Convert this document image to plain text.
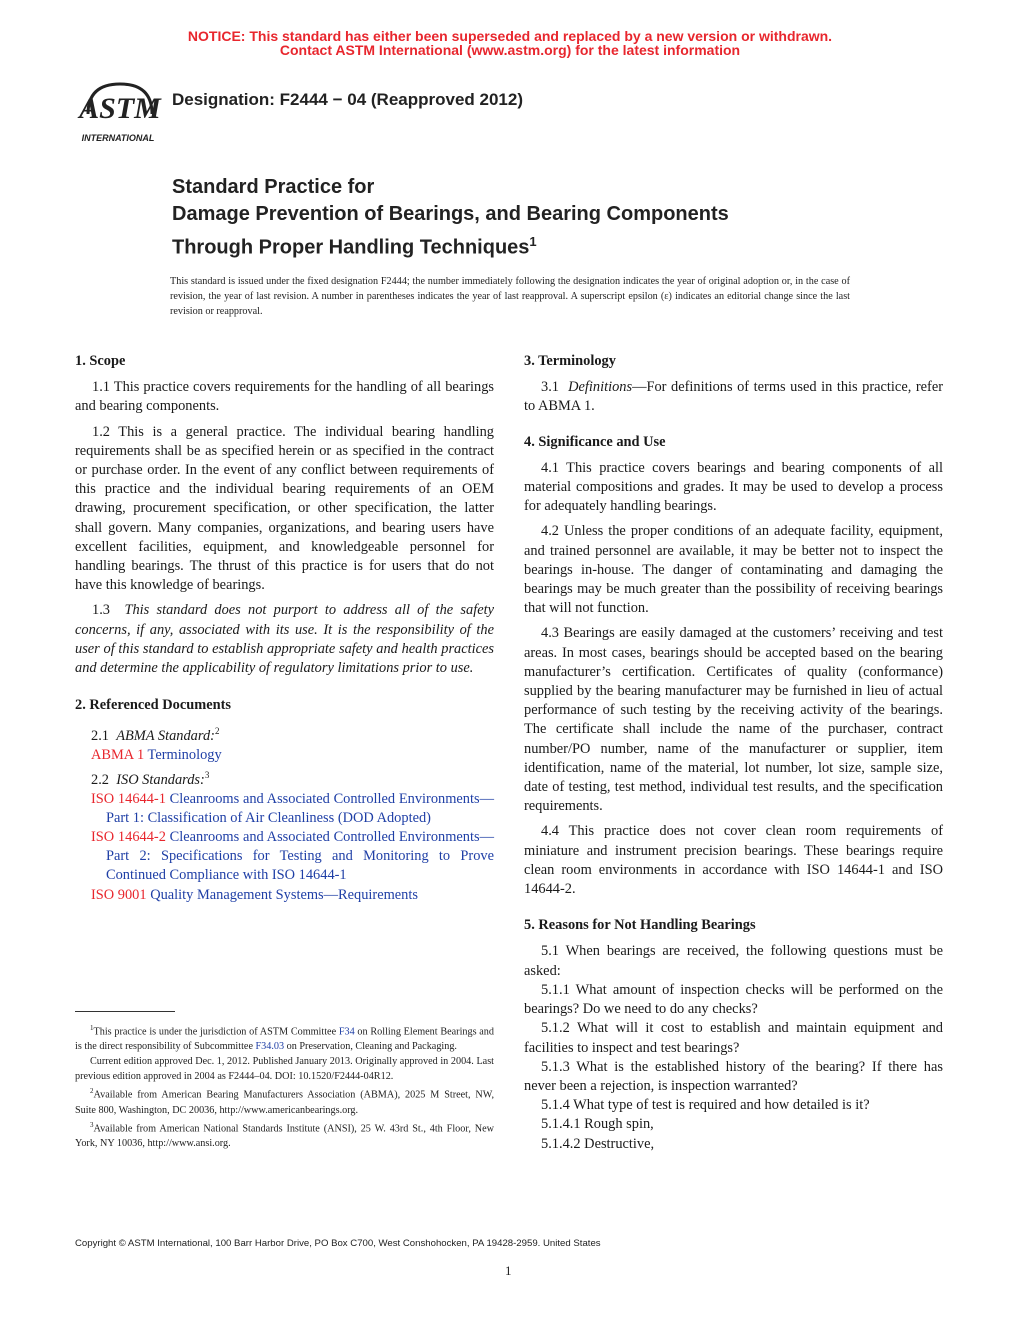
NOTICE: This standard has either been superseded and replaced by a new version or withdrawn.
Contact ASTM International (www.astm.org) for the latest information
ASTM
INTERNATIONAL
Designation: F2444 − 04 (Reapproved 2012)
Standard Practice for
Damage Prevention of Bearings, and Bearing Components
Through Proper Handling Techniques$^1$
This standard is issued under the fixed designation F2444; the number immediately following the designation indicates the year of original adoption or, in the case of revision, the year of last revision. A number in parentheses indicates the year of last reapproval. A superscript epsilon (ε) indicates an editorial change since the last revision or reapproval.

1. Scope

1.1 This practice covers requirements for the handling of all bearings and bearing components.

1.2 This is a general practice. The individual bearing handling requirements shall be as specified herein or as specified in the contract or purchase order. In the event of any conflict between requirements of this practice and the individual bearing requirements of an OEM drawing, procurement specification, or other specification, the latter shall govern. Many companies, organizations, and bearing users have excellent facilities, equipment, and knowledgeable personnel for handling bearings. The thrust of this practice is for users that do not have this knowledge of bearings.

1.3 This standard does not purport to address all of the safety concerns, if any, associated with its use. It is the responsibility of the user of this standard to establish appropriate safety and health practices and determine the applicability of regulatory limitations prior to use.

2. Referenced Documents

2.1 ABMA Standard:$^2$

ABMA 1 Terminology

2.2 ISO Standards:$^3$

ISO 14644-1 Cleanrooms and Associated Controlled Environments—Part 1: Classification of Air Cleanliness (DOD Adopted)

ISO 14644-2 Cleanrooms and Associated Controlled Environments—Part 2: Specifications for Testing and Monitoring to Prove Continued Compliance with ISO 14644-1

ISO 9001 Quality Management Systems—Requirements

$^1$This practice is under the jurisdiction of ASTM Committee F34 on Rolling Element Bearings and is the direct responsibility of Subcommittee F34.03 on Preservation, Cleaning and Packaging.

Current edition approved Dec. 1, 2012. Published January 2013. Originally approved in 2004. Last previous edition approved in 2004 as F2444–04. DOI: 10.1520/F2444-04R12.

$^2$Available from American Bearing Manufacturers Association (ABMA), 2025 M Street, NW, Suite 800, Washington, DC 20036, http://www.americanbearings.org.

$^3$Available from American National Standards Institute (ANSI), 25 W. 43rd St., 4th Floor, New York, NY 10036, http://www.ansi.org.

3. Terminology

3.1 Definitions—For definitions of terms used in this practice, refer to ABMA 1.

4. Significance and Use

4.1 This practice covers bearings and bearing components of all material compositions and grades. It may be used to develop a process for adequately handling bearings.

4.2 Unless the proper conditions of an adequate facility, equipment, and trained personnel are available, it may be better not to inspect the bearings in-house. The danger of contaminating and damaging the bearings may be much greater than the possibility of receiving bearings that will not function.

4.3 Bearings are easily damaged at the customers’ receiving and test areas. In most cases, bearings should be accepted based on the bearing manufacturer’s certification. Certificates of quality (conformance) supplied by the bearing manufacturer may be furnished in lieu of actual performance of such testing by the receiving activity of the bearings. The certificate shall include the name of the purchaser, contract number/PO number, name of the manufacturer or supplier, item identification, name of the material, lot number, lot size, sample size, date of testing, test method, individual test results, and the specification requirements.

4.4 This practice does not cover clean room requirements of miniature and instrument precision bearings. These bearings require clean room environments in accordance with ISO 14644-1 and ISO 14644-2.

5. Reasons for Not Handling Bearings

5.1 When bearings are received, the following questions must be asked:

5.1.1 What amount of inspection checks will be performed on the bearings? Do we need to do any checks?

5.1.2 What will it cost to establish and maintain equipment and facilities to inspect and test bearings?

5.1.3 What is the established history of the bearing? If there has never been a rejection, is inspection warranted?

5.1.4 What type of test is required and how detailed is it?

5.1.4.1 Rough spin,

5.1.4.2 Destructive,

Copyright © ASTM International, 100 Barr Harbor Drive, PO Box C700, West Conshohocken, PA 19428-2959. United States
1
